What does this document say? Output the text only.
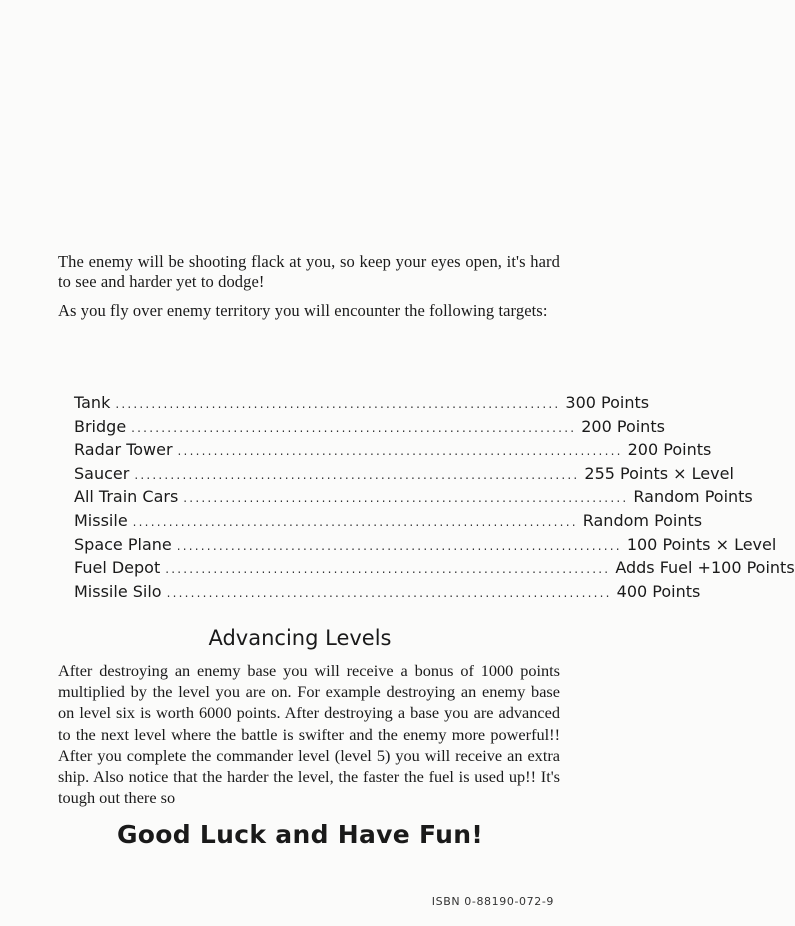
The enemy will be shooting flack at you, so keep your eyes open, it's hard to see and harder yet to dodge!

As you fly over enemy territory you will encounter the following targets:

Tank .......................................................................... 300 Points
Bridge .......................................................................... 200 Points
Radar Tower .......................................................................... 200 Points
Saucer .......................................................................... 255 Points × Level
All Train Cars .......................................................................... Random Points
Missile .......................................................................... Random Points
Space Plane .......................................................................... 100 Points × Level
Fuel Depot .......................................................................... Adds Fuel +100 Points
Missile Silo .......................................................................... 400 Points
Advancing Levels

After destroying an enemy base you will receive a bonus of 1000 points multiplied by the level you are on. For example destroying an enemy base on level six is worth 6000 points. After destroying a base you are advanced to the next level where the battle is swifter and the enemy more powerful!! After you complete the commander level (level 5) you will receive an extra ship. Also notice that the harder the level, the faster the fuel is used up!! It's tough out there so

Good Luck and Have Fun!
ISBN 0-88190-072-9
